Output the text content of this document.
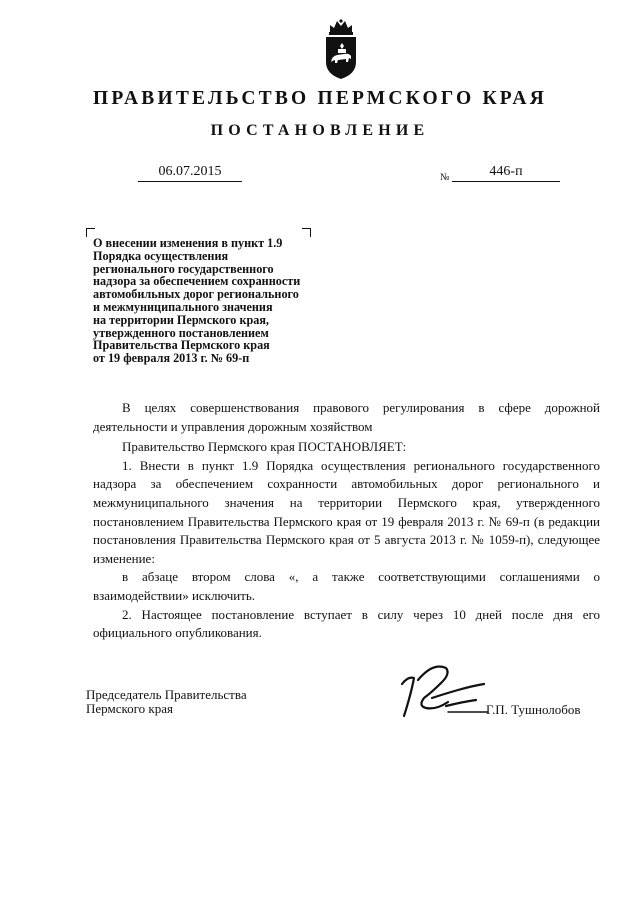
ПРАВИТЕЛЬСТВО ПЕРМСКОГО КРАЯ
ПОСТАНОВЛЕНИЕ
06.07.2015	№	446-п
О внесении изменения в пункт 1.9
Порядка осуществления
регионального государственного
надзора за обеспечением сохранности
автомобильных дорог регионального
и межмуниципального значения
на территории Пермского края,
утвержденного постановлением
Правительства Пермского края
от 19 февраля 2013 г. № 69-п

В целях совершенствования правового регулирования в сфере дорожной деятельности и управления дорожным хозяйством

Правительство Пермского края ПОСТАНОВЛЯЕТ:

1. Внести в пункт 1.9 Порядка осуществления регионального государственного надзора за обеспечением сохранности автомобильных дорог регионального и межмуниципального значения на территории Пермского края, утвержденного постановлением Правительства Пермского края от 19 февраля 2013 г. № 69-п (в редакции постановления Правительства Пермского края от 5 августа 2013 г. № 1059-п), следующее изменение:

в абзаце втором слова «, а также соответствующими соглашениями о взаимодействии» исключить.

2. Настоящее постановление вступает в силу через 10 дней после дня его официального опубликования.

Председатель Правительства
Пермского края	Г.П. Тушнолобов
